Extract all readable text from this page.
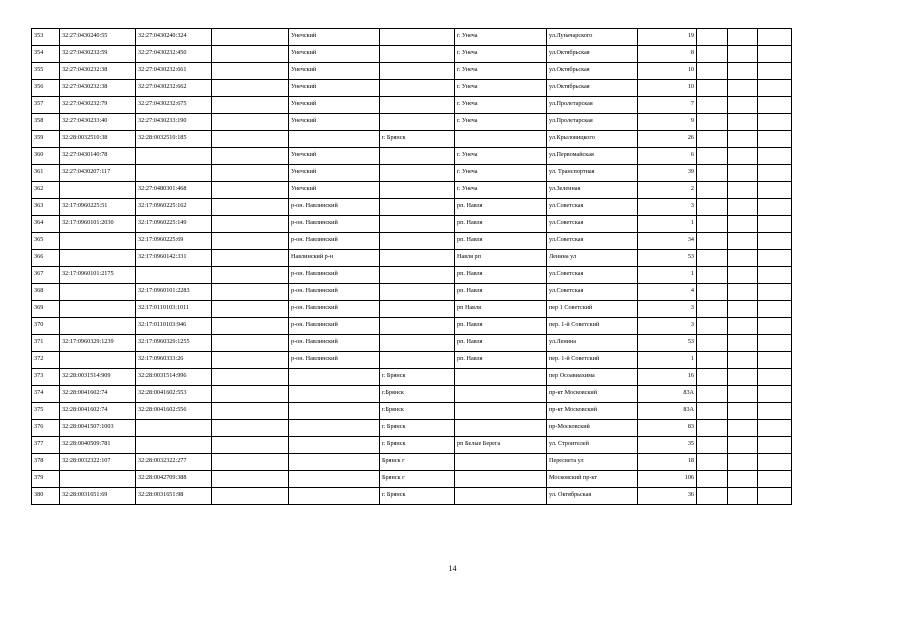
353	32:27:0430240:55	32:27:0430240:324		Унечский		г. Унеча	ул.Луначарского	19			
354	32:27:0430232:59	32:27:0430232:450		Унечский		г. Унеча	ул.Октябрьская	8			
355	32:27:0430232:38	32:27:0430232:661		Унечский		г. Унеча	ул.Октябрьская	10			
356	32:27:0430232:38	32:27:0430232:662		Унечский		г. Унеча	ул.Октябрьская	10			
357	32:27:0430232:79	32:27:0430232:675		Унечский		г. Унеча	ул.Пролетарская	7			
358	32:27:0430233:40	32:27:0430233:190		Унечский		г. Унеча	ул.Пролетарская	9			
359	32:28:0032510:38	32:28:0032510:185			г. Брянск		ул.Крыловицкого	26			
360	32:27:0430140:78			Унечский		г. Унеча	ул.Первомайская	6			
361	32:27:0430207:117			Унечский		г. Унеча	ул. Транспортная	39			
362		32:27:0480301:468		Унечский		г. Унеча	ул.Зеленная	2			
363	32:17:0960225:51	32:17:0960225:162		р-он. Навлинский		рп. Навля	ул.Советская	3			
364	32:17:0960101:2030	32:17:0960225:149		р-он. Навлинский		рп. Навля	ул.Советская	1			
365		32:17:0960225:69		р-он. Навлинский		рп. Навля	ул.Советская	34			
366		32:17:0960142:331		Навлинский р-н		Навля рп	Ленина ул	53			
367	32:17:0960101:2175			р-он. Навлинский		рп. Навля	ул.Советская	1			
368		32:17:0960101:2283		р-он. Навлинский		рп. Навля	ул.Советская	4			
369		32:17:0110103:1011		р-он. Навлинский		рп Навля	пер 1 Советский	3			
370		32:17:0110103:946		р-он. Навлинский		рп. Навля	пер. 1-й Советский	3			
371	32:17:0960329:1239	32:17:0960329:1255		р-он. Навлинский		рп. Навля	ул.Ленина	53			
372		32:17:0960333:26		р-он. Навлинский		рп. Навля	пер. 1-й Советский	1			
373	32:28:0031514:909	32:28:0031514:996			г. Брянск		пер Осоавиахима	16			
374	32:28:0041602:74	32:28:0041602:553			г.Брянск		пр-кт Московский	83А			
375	32:28:0041602:74	32:28:0041602:556			г.Брянск		пр-кт Московский	83А			
376	32:28:0041507:1003				г. Брянск		пр-Московский	83			
377	32:28:0040509:781				г. Брянск	рп Белые Берега	ул. Строителей	35			
378	32:28:0032322:107	32:28:0032322:277			Брянск г		Пересвета ул	18			
379		32:28:0042709:388			Брянск г		Московский пр-кт	106			
380	32:28:0031651:69	32:28:0031651:98			г. Брянск		ул. Октябрьская	36			
14
